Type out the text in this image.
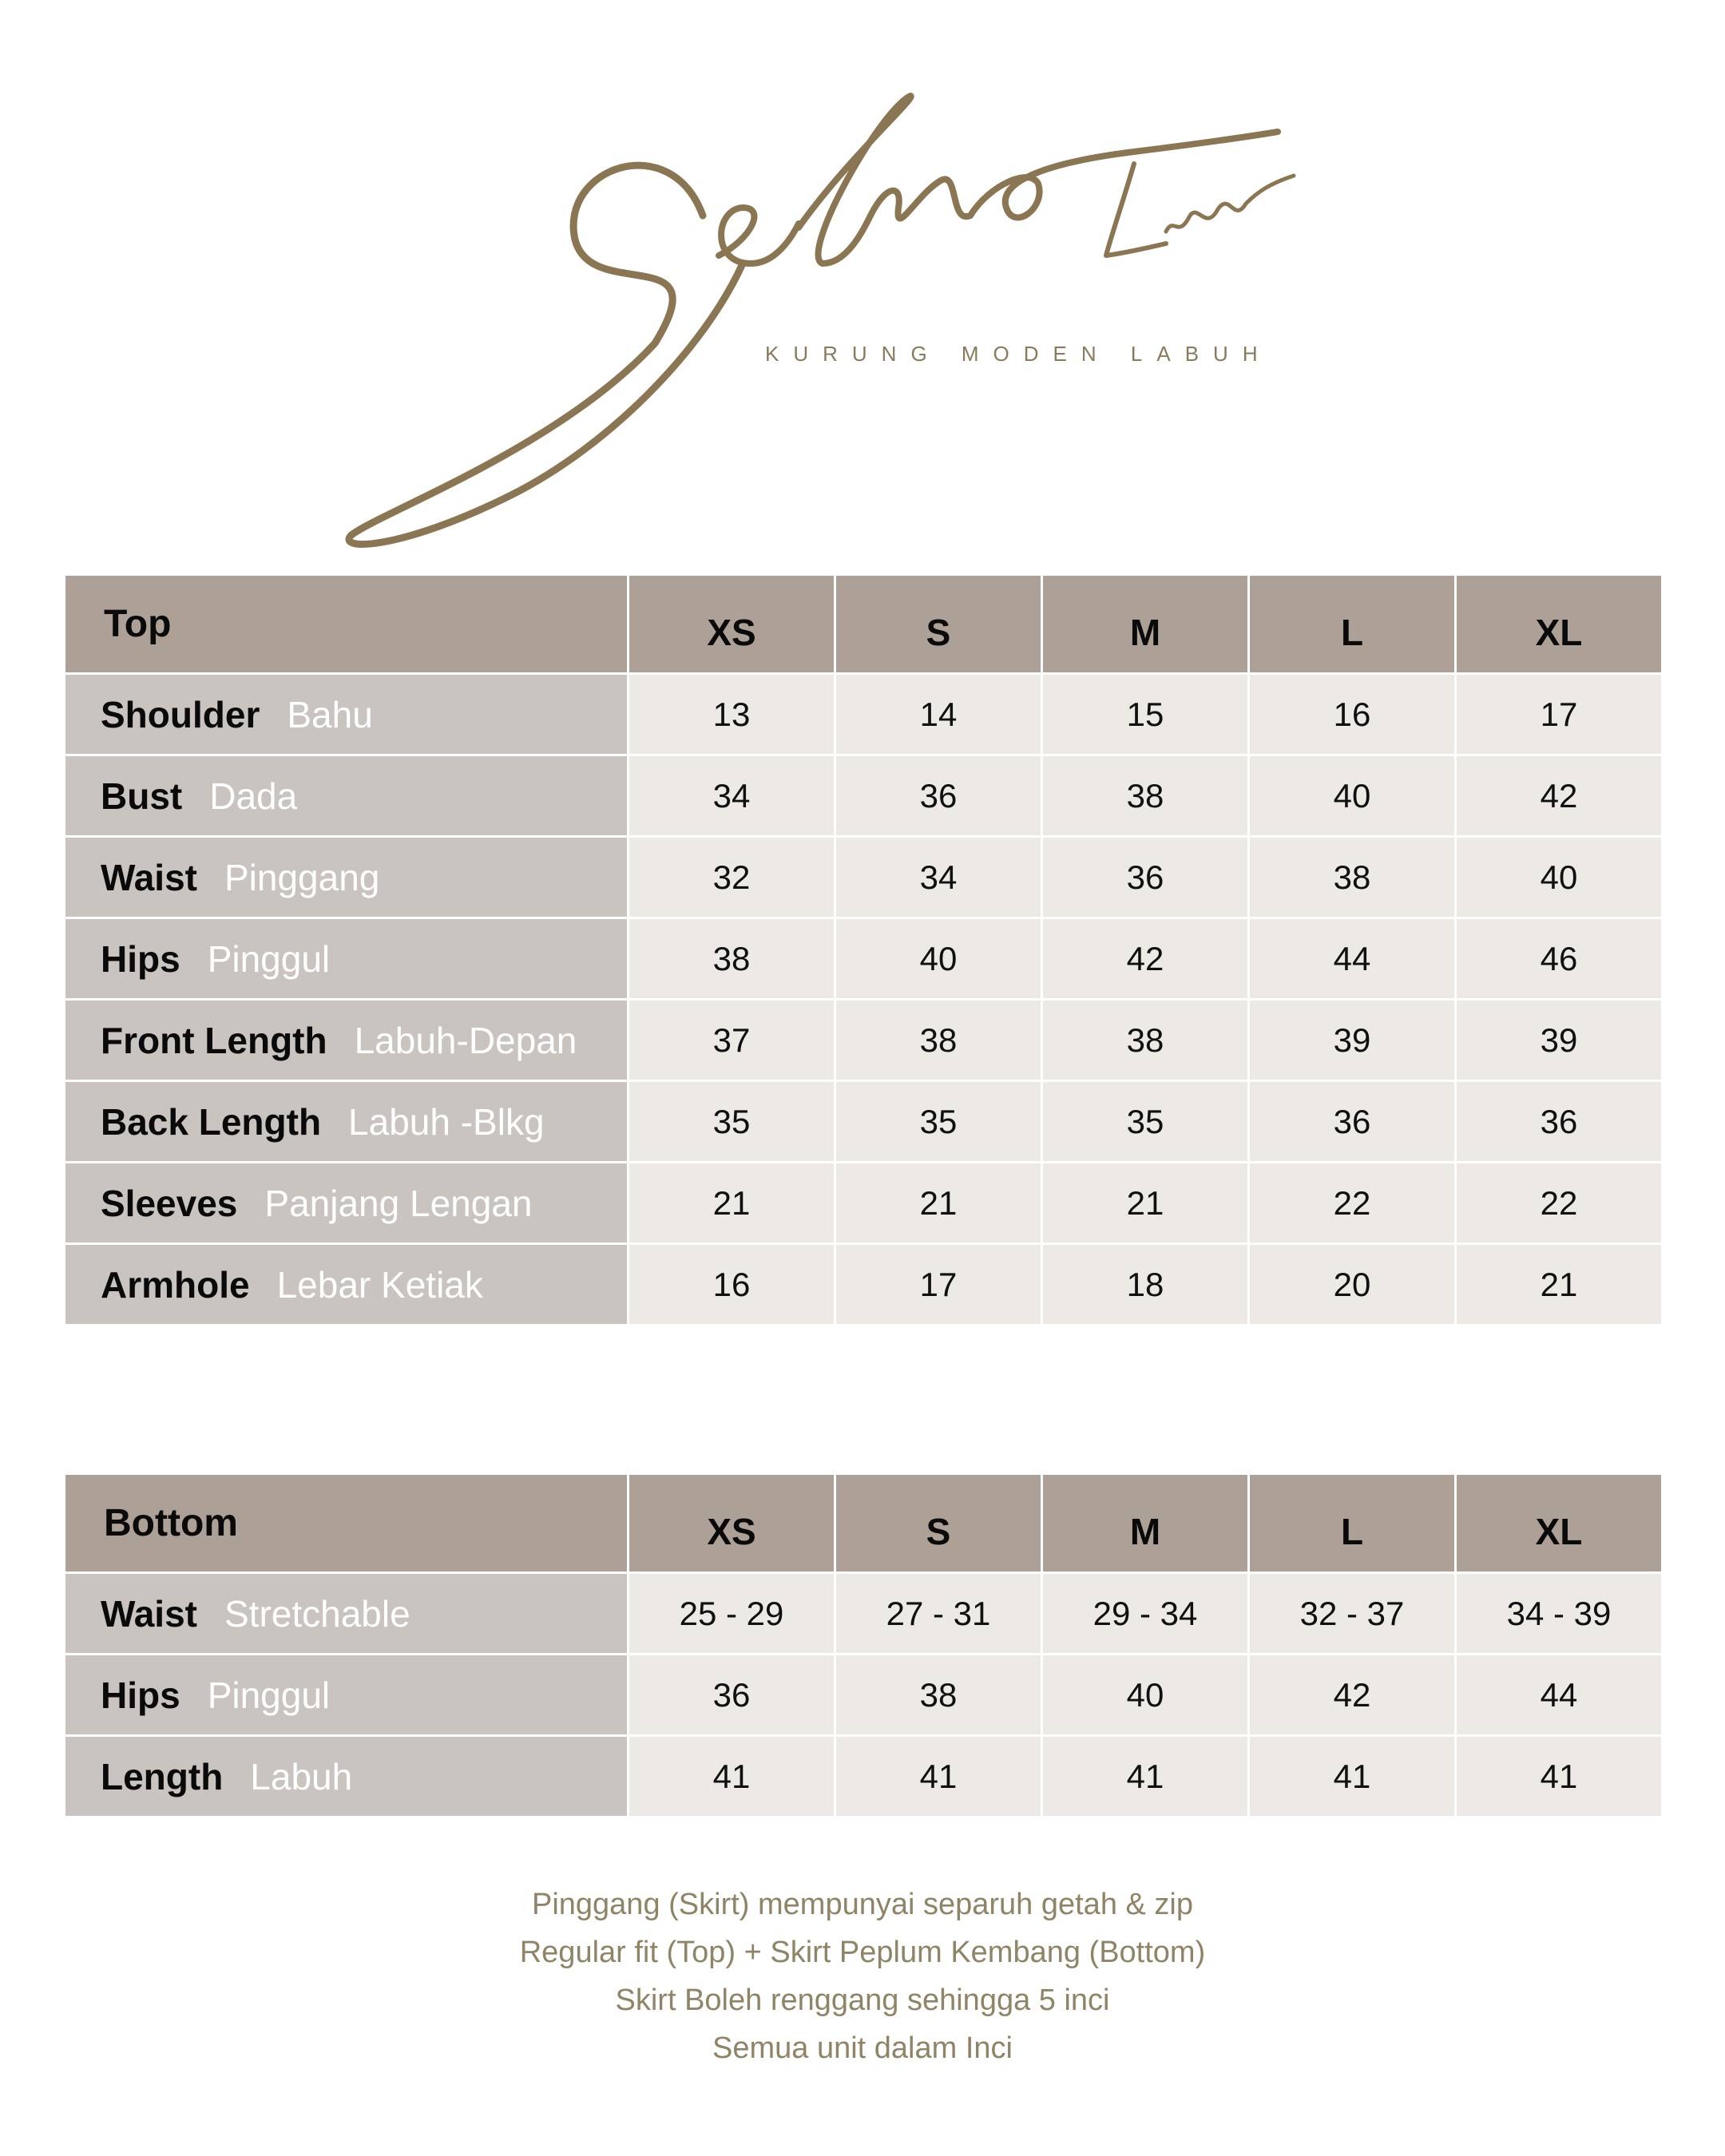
Selena Luxe
KURUNG MODEN LABUH
Top	XS	S	M	L	XL
Shoulder Bahu	13	14	15	16	17
Bust Dada	34	36	38	40	42
Waist Pinggang	32	34	36	38	40
Hips Pinggul	38	40	42	44	46
Front Length Labuh-Depan	37	38	38	39	39
Back Length Labuh -Blkg	35	35	35	36	36
Sleeves Panjang Lengan	21	21	21	22	22
Armhole Lebar Ketiak	16	17	18	20	21
Bottom	XS	S	M	L	XL
Waist Stretchable	25 - 29	27 - 31	29 - 34	32 - 37	34 - 39
Hips Pinggul	36	38	40	42	44
Length Labuh	41	41	41	41	41
Pinggang (Skirt) mempunyai separuh getah & zip
Regular fit (Top) + Skirt Peplum Kembang (Bottom)
Skirt Boleh renggang sehingga 5 inci
Semua unit dalam Inci
